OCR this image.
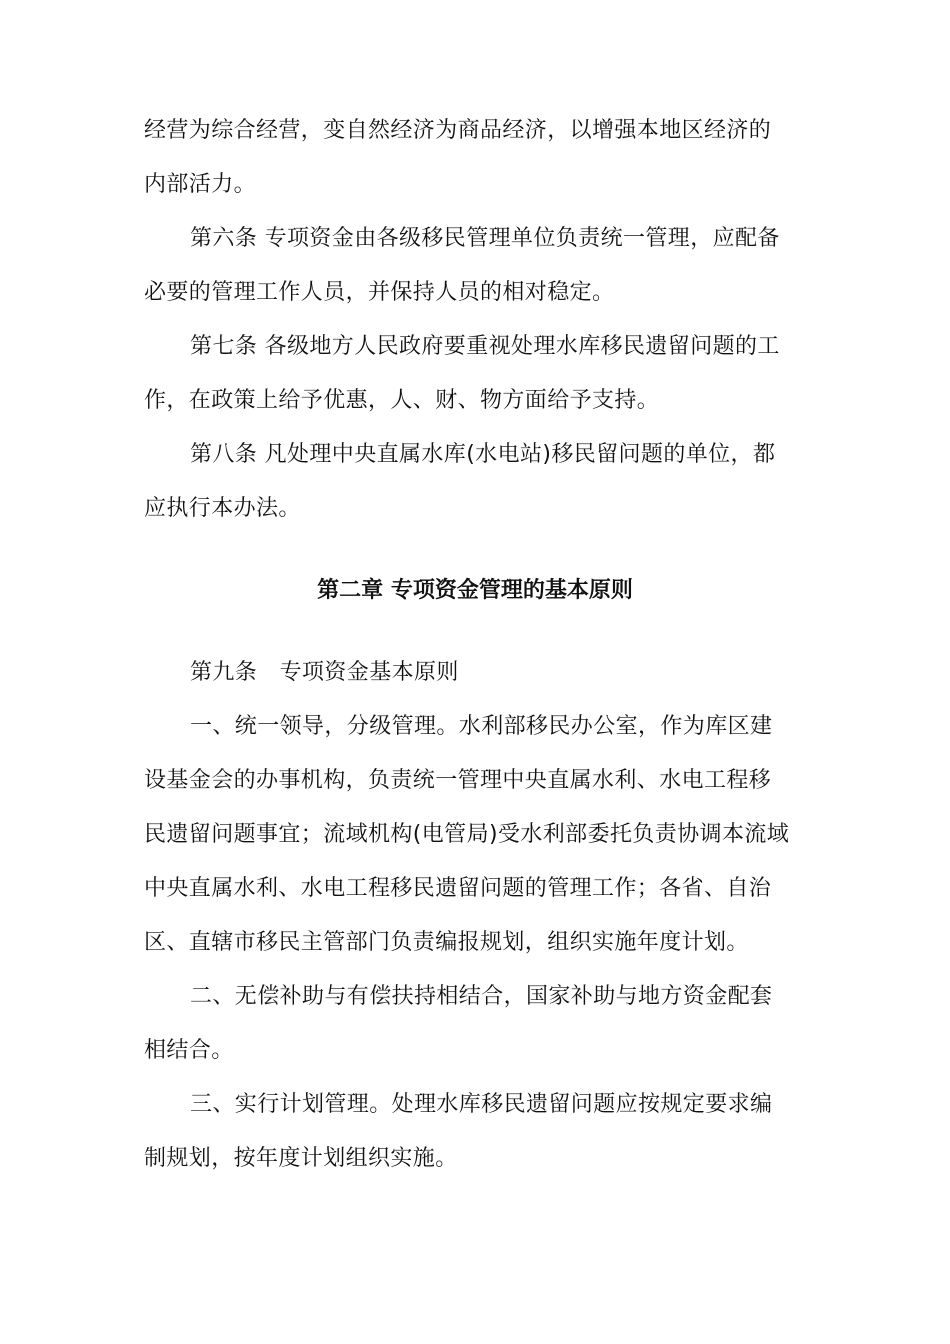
经营为综合经营，变自然经济为商品经济，以增强本地区经济的
内部活力。
第六条 专项资金由各级移民管理单位负责统一管理，应配备
必要的管理工作人员，并保持人员的相对稳定。
第七条 各级地方人民政府要重视处理水库移民遗留问题的工
作，在政策上给予优惠，人、财、物方面给予支持。
第八条 凡处理中央直属水库(水电站)移民留问题的单位，都
应执行本办法。
第二章 专项资金管理的基本原则
第九条　专项资金基本原则
一、统一领导，分级管理。水利部移民办公室，作为库区建
设基金会的办事机构，负责统一管理中央直属水利、水电工程移
民遗留问题事宜；流域机构(电管局)受水利部委托负责协调本流域
中央直属水利、水电工程移民遗留问题的管理工作；各省、自治
区、直辖市移民主管部门负责编报规划，组织实施年度计划。
二、无偿补助与有偿扶持相结合，国家补助与地方资金配套
相结合。
三、实行计划管理。处理水库移民遗留问题应按规定要求编
制规划，按年度计划组织实施。
